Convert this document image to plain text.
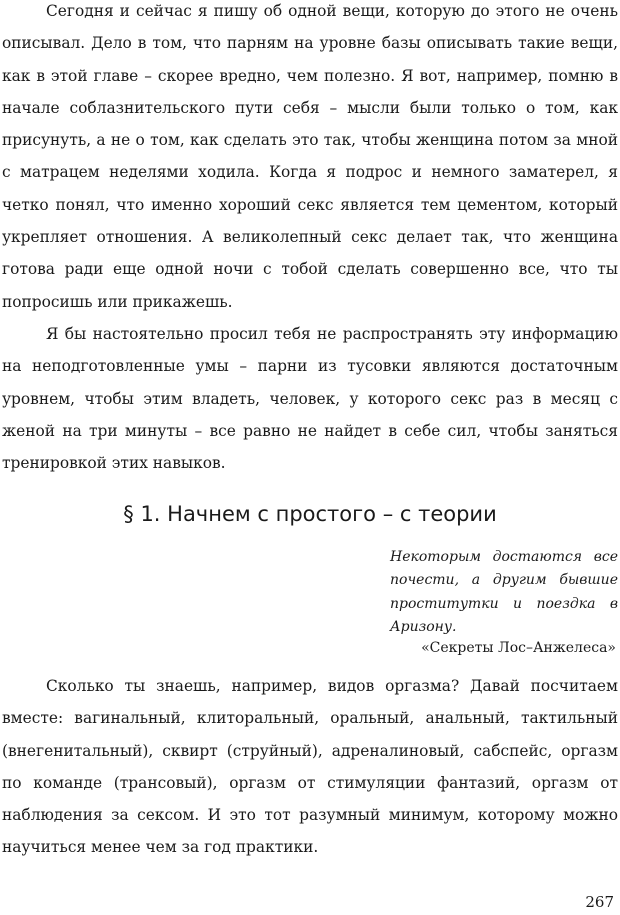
Сегодня и сейчас я пишу об одной вещи, которую до этого не очень описывал. Дело в том, что парням на уровне базы описывать такие вещи, как в этой главе – скорее вредно, чем полезно. Я вот, например, помню в начале соблазнительского пути себя – мысли были только о том, как присунуть, а не о том, как сделать это так, чтобы женщина потом за мной с матрацем неделями ходила. Когда я подрос и немного заматерел, я четко понял, что именно хороший секс является тем цементом, который укрепляет отношения. А великолепный секс делает так, что женщина готова ради еще одной ночи с тобой сделать совершенно все, что ты попросишь или прикажешь.

Я бы настоятельно просил тебя не распространять эту информацию на неподготовленные умы – парни из тусовки являются достаточным уровнем, чтобы этим владеть, человек, у которого секс раз в месяц с женой на три минуты – все равно не найдет в себе сил, чтобы заняться тренировкой этих навыков.

§ 1. Начнем с простого – с теории

Некоторым достаются все почести, а другим бывшие проститутки и поездка в Аризону.

«Секреты Лос–Анжелеса»

Сколько ты знаешь, например, видов оргазма? Давай посчитаем вместе: вагинальный, клиторальный, оральный, анальный, тактильный (внегенитальный), сквирт (струйный), адреналиновый, сабспейс, оргазм по команде (трансовый), оргазм от стимуляции фантазий, оргазм от наблюдения за сексом. И это тот разумный минимум, которому можно научиться менее чем за год практики.

267
